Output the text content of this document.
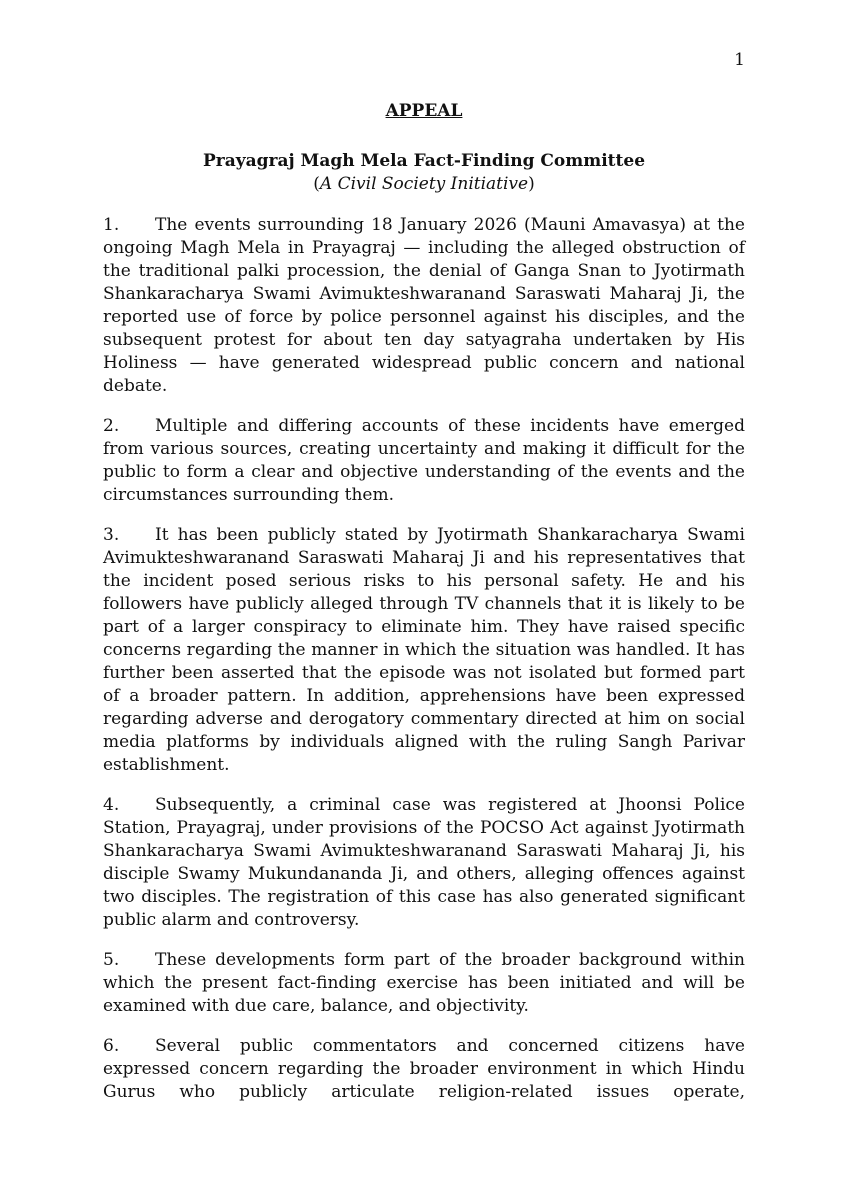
1

APPEAL

Prayagraj Magh Mela Fact-Finding Committee

(A Civil Society Initiative)

1. The events surrounding 18 January 2026 (Mauni Amavasya) at the ongoing Magh Mela in Prayagraj — including the alleged obstruction of the traditional palki procession, the denial of Ganga Snan to Jyotirmath Shankaracharya Swami Avimukteshwaranand Saraswati Maharaj Ji, the reported use of force by police personnel against his disciples, and the subsequent protest for about ten day satyagraha undertaken by His Holiness — have generated widespread public concern and national debate.

2. Multiple and differing accounts of these incidents have emerged from various sources, creating uncertainty and making it difficult for the public to form a clear and objective understanding of the events and the circumstances surrounding them.

3. It has been publicly stated by Jyotirmath Shankaracharya Swami Avimukteshwaranand Saraswati Maharaj Ji and his representatives that the incident posed serious risks to his personal safety. He and his followers have publicly alleged through TV channels that it is likely to be part of a larger conspiracy to eliminate him. They have raised specific concerns regarding the manner in which the situation was handled. It has further been asserted that the episode was not isolated but formed part of a broader pattern. In addition, apprehensions have been expressed regarding adverse and derogatory commentary directed at him on social media platforms by individuals aligned with the ruling Sangh Parivar establishment.

4. Subsequently, a criminal case was registered at Jhoonsi Police Station, Prayagraj, under provisions of the POCSO Act against Jyotirmath Shankaracharya Swami Avimukteshwaranand Saraswati Maharaj Ji, his disciple Swamy Mukundananda Ji, and others, alleging offences against two disciples. The registration of this case has also generated significant public alarm and controversy.

5. These developments form part of the broader background within which the present fact-finding exercise has been initiated and will be examined with due care, balance, and objectivity.

6. Several public commentators and concerned citizens have expressed concern regarding the broader environment in which Hindu Gurus who publicly articulate religion-related issues operate,
